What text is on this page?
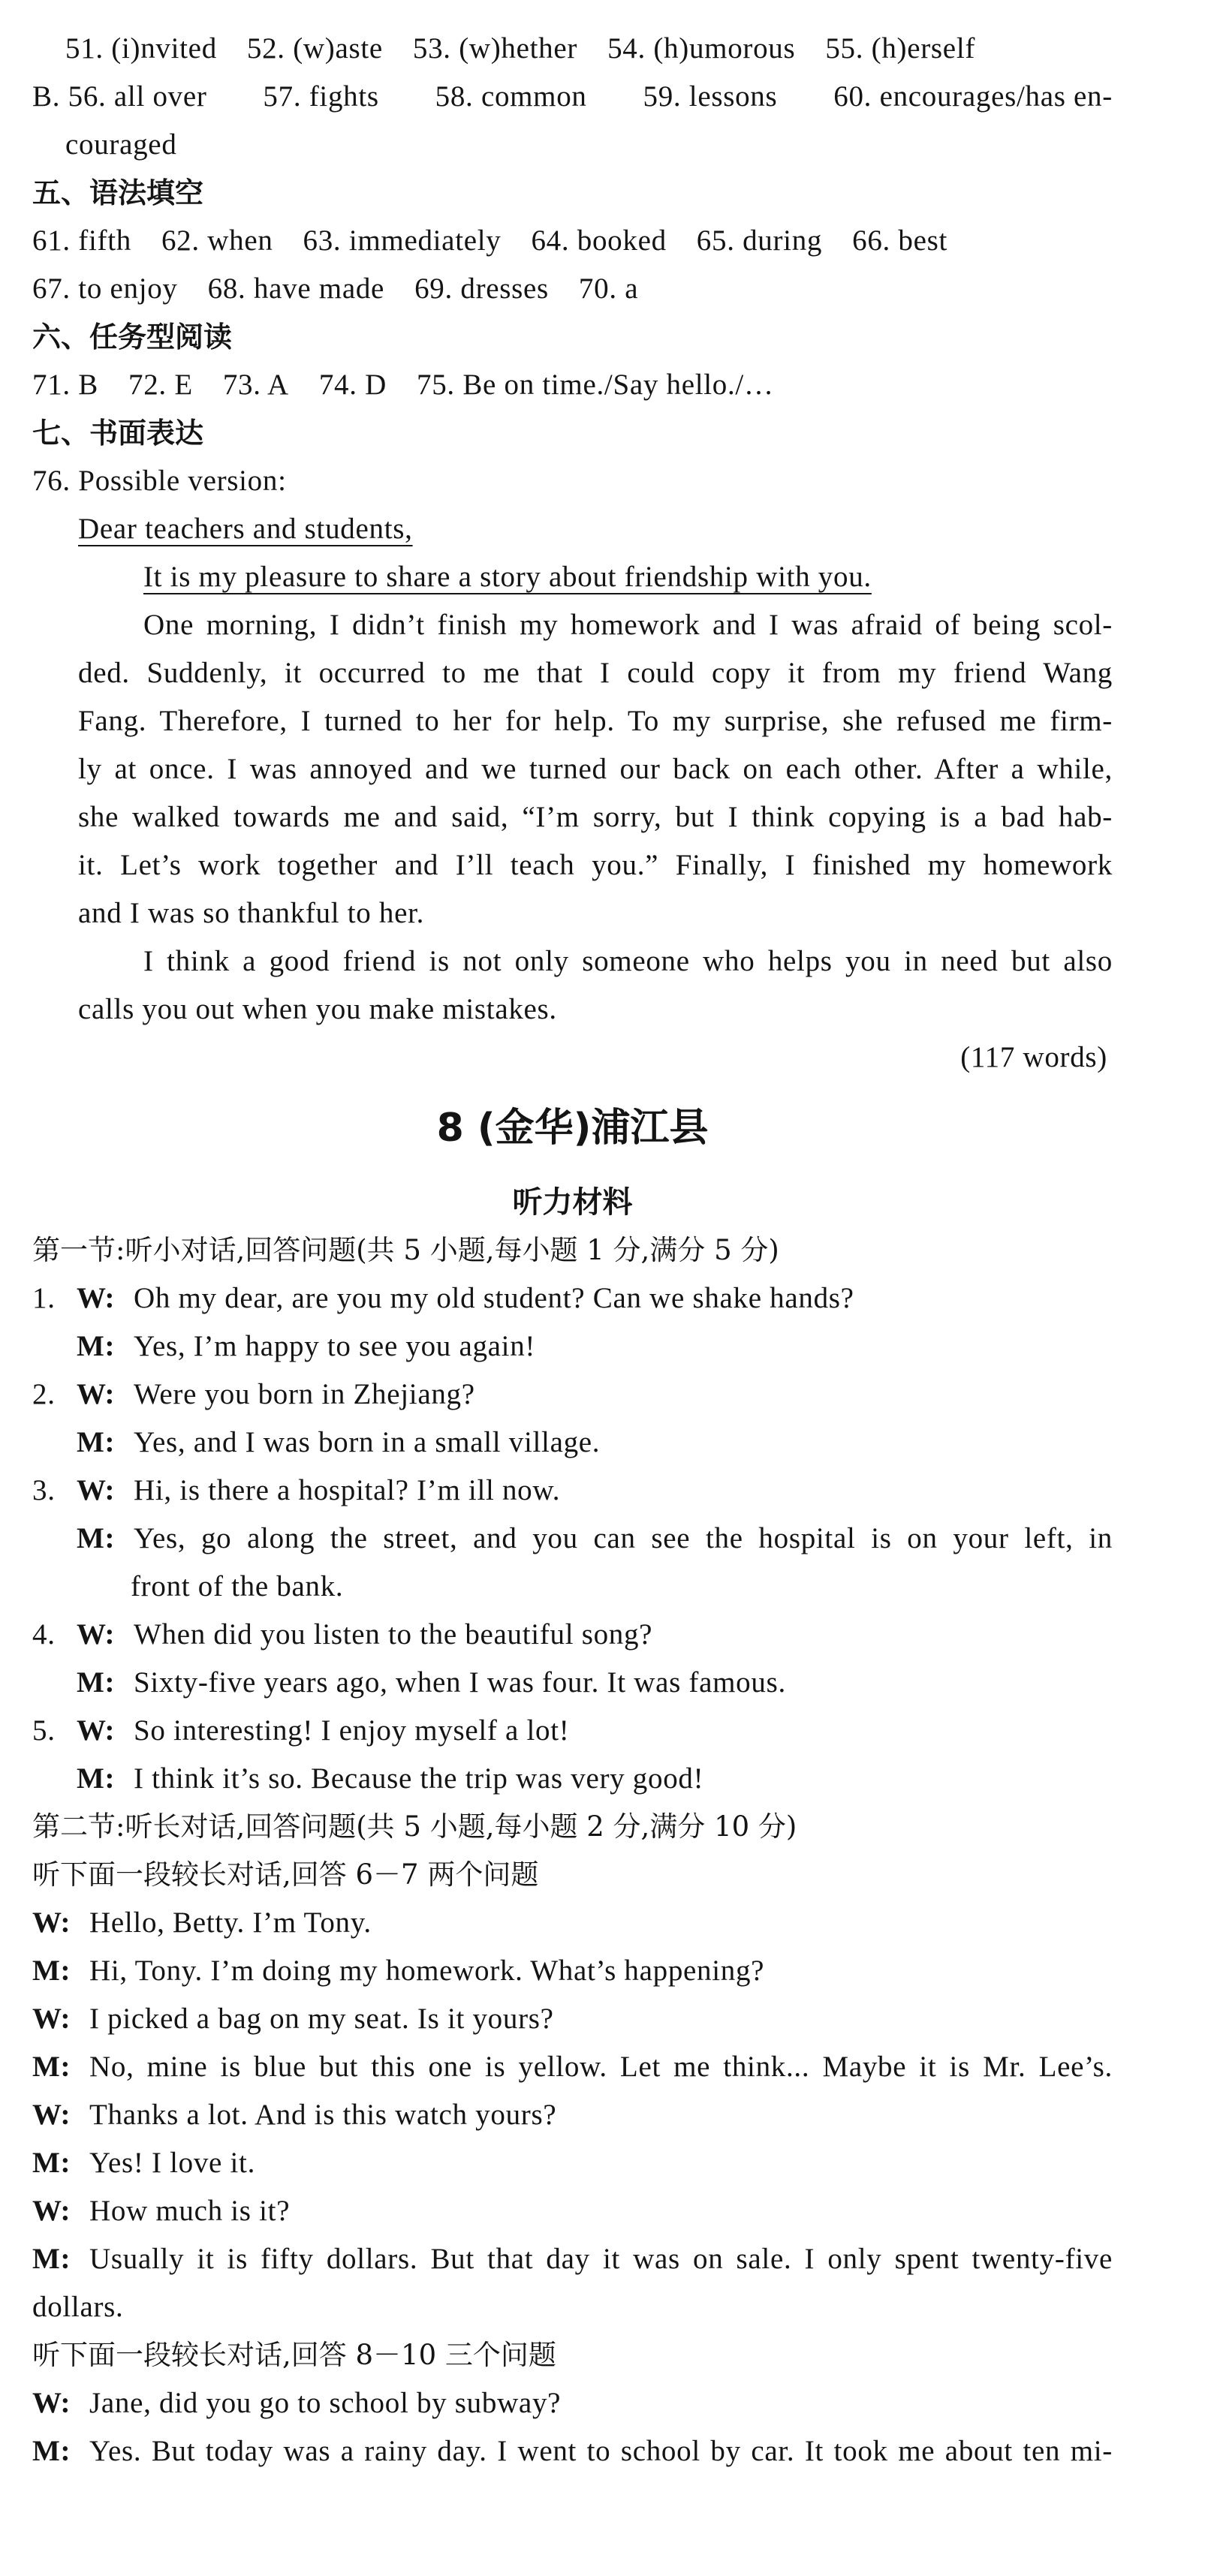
51. (i)nvited 52. (w)aste 53. (w)hether 54. (h)umorous 55. (h)erself
B. 56. all over 57. fights 58. common 59. lessons 60. encourages/has en-
couraged
五、语法填空
61. fifth 62. when 63. immediately 64. booked 65. during 66. best
67. to enjoy 68. have made 69. dresses 70. a
六、任务型阅读
71. B 72. E 73. A 74. D 75. Be on time./Say hello./…
七、书面表达
76. Possible version:
Dear teachers and students,
It is my pleasure to share a story about friendship with you.
One morning, I didn’t finish my homework and I was afraid of being scol-
ded. Suddenly, it occurred to me that I could copy it from my friend Wang
Fang. Therefore, I turned to her for help. To my surprise, she refused me firm-
ly at once. I was annoyed and we turned our back on each other. After a while,
she walked towards me and said, “I’m sorry, but I think copying is a bad hab-
it. Let’s work together and I’ll teach you.” Finally, I finished my homework
and I was so thankful to her.
I think a good friend is not only someone who helps you in need but also
calls you out when you make mistakes.
(117 words)
8 (金华)浦江县
听力材料
第一节:听小对话,回答问题(共 5 小题,每小题 1 分,满分 5 分)
1. W: Oh my dear, are you my old student? Can we shake hands?
M: Yes, I’m happy to see you again!
2. W: Were you born in Zhejiang?
M: Yes, and I was born in a small village.
3. W: Hi, is there a hospital? I’m ill now.
M: Yes, go along the street, and you can see the hospital is on your left, in
front of the bank.
4. W: When did you listen to the beautiful song?
M: Sixty-five years ago, when I was four. It was famous.
5. W: So interesting! I enjoy myself a lot!
M: I think it’s so. Because the trip was very good!
第二节:听长对话,回答问题(共 5 小题,每小题 2 分,满分 10 分)
听下面一段较长对话,回答 6－7 两个问题
W: Hello, Betty. I’m Tony.
M: Hi, Tony. I’m doing my homework. What’s happening?
W: I picked a bag on my seat. Is it yours?
M: No, mine is blue but this one is yellow. Let me think... Maybe it is Mr. Lee’s.
W: Thanks a lot. And is this watch yours?
M: Yes! I love it.
W: How much is it?
M: Usually it is fifty dollars. But that day it was on sale. I only spent twenty-five
dollars.
听下面一段较长对话,回答 8－10 三个问题
W: Jane, did you go to school by subway?
M: Yes. But today was a rainy day. I went to school by car. It took me about ten mi-
